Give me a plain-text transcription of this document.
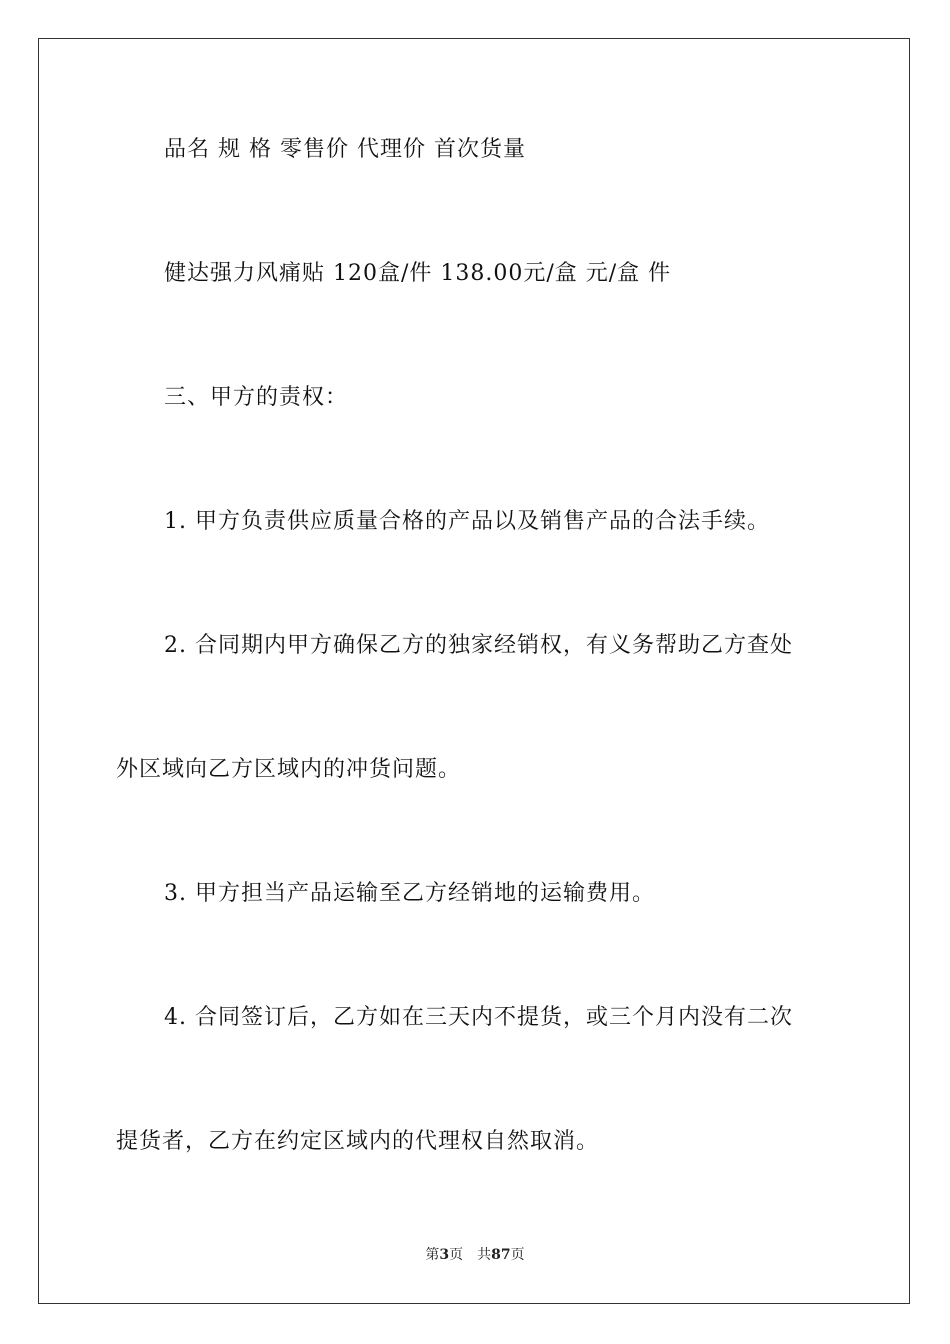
品名 规 格 零售价 代理价 首次货量
健达强力风痛贴 120盒/件 138.00元/盒 元/盒 件
三、甲方的责权：
1. 甲方负责供应质量合格的产品以及销售产品的合法手续。
2. 合同期内甲方确保乙方的独家经销权，有义务帮助乙方查处
外区域向乙方区域内的冲货问题。
3. 甲方担当产品运输至乙方经销地的运输费用。
4. 合同签订后，乙方如在三天内不提货，或三个月内没有二次
提货者，乙方在约定区域内的代理权自然取消。
第3页 共87页
